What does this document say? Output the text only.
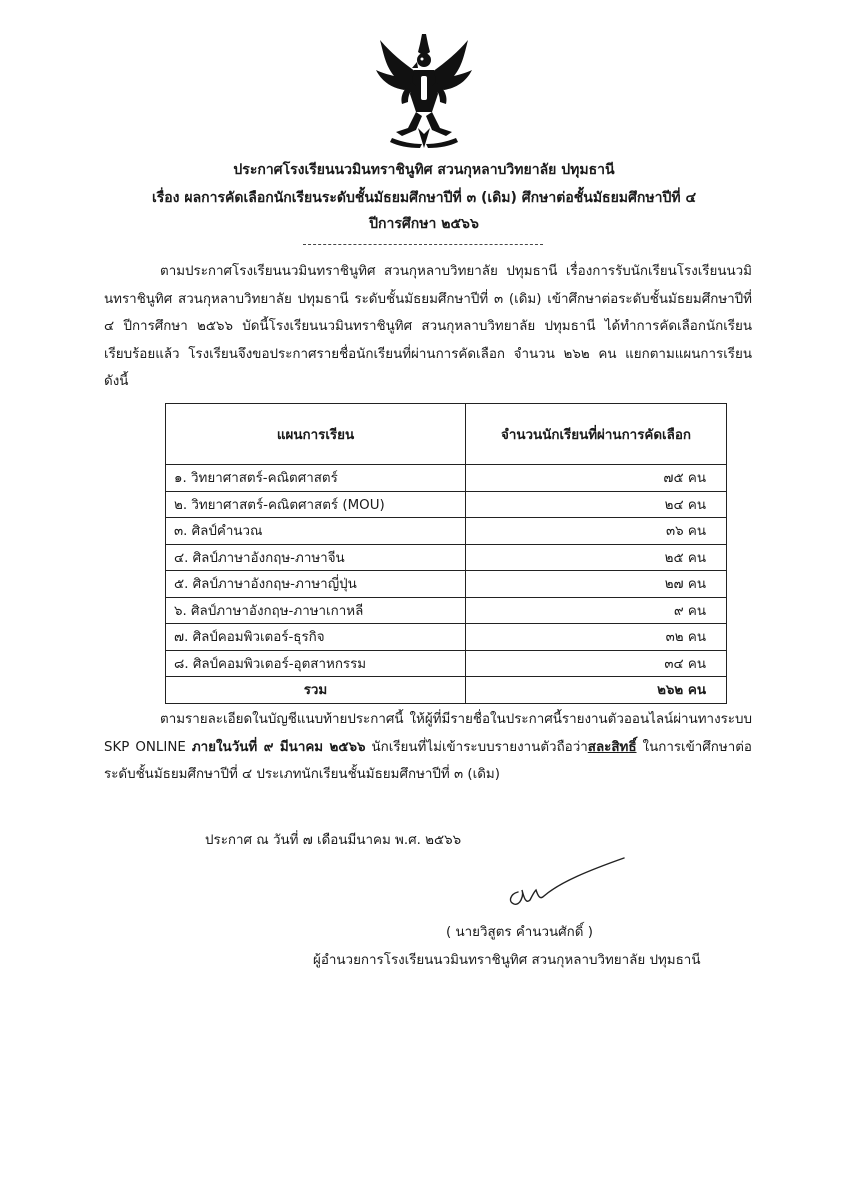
ประกาศโรงเรียนนวมินทราชินูทิศ สวนกุหลาบวิทยาลัย ปทุมธานี
เรื่อง ผลการคัดเลือกนักเรียนระดับชั้นมัธยมศึกษาปีที่ ๓ (เดิม) ศึกษาต่อชั้นมัธยมศึกษาปีที่ ๔
ปีการศึกษา ๒๕๖๖
ตามประกาศโรงเรียนนวมินทราชินูทิศ สวนกุหลาบวิทยาลัย ปทุมธานี เรื่องการรับนักเรียนโรงเรียนนวมินทราชินูทิศ สวนกุหลาบวิทยาลัย ปทุมธานี ระดับชั้นมัธยมศึกษาปีที่ ๓ (เดิม) เข้าศึกษาต่อระดับชั้นมัธยมศึกษาปีที่ ๔ ปีการศึกษา ๒๕๖๖ บัดนี้โรงเรียนนวมินทราชินูทิศ สวนกุหลาบวิทยาลัย ปทุมธานี ได้ทำการคัดเลือกนักเรียนเรียบร้อยแล้ว โรงเรียนจึงขอประกาศรายชื่อนักเรียนที่ผ่านการคัดเลือก จำนวน ๒๖๒ คน แยกตามแผนการเรียน ดังนี้
แผนการเรียน	จำนวนนักเรียนที่ผ่านการคัดเลือก
๑. วิทยาศาสตร์-คณิตศาสตร์	๗๕ คน
๒. วิทยาศาสตร์-คณิตศาสตร์ (MOU)	๒๔ คน
๓. ศิลป์คำนวณ	๓๖ คน
๔. ศิลป์ภาษาอังกฤษ-ภาษาจีน	๒๕ คน
๕. ศิลป์ภาษาอังกฤษ-ภาษาญี่ปุ่น	๒๗ คน
๖. ศิลป์ภาษาอังกฤษ-ภาษาเกาหลี	๙ คน
๗. ศิลป์คอมพิวเตอร์-ธุรกิจ	๓๒ คน
๘. ศิลป์คอมพิวเตอร์-อุตสาหกรรม	๓๔ คน
รวม	๒๖๒ คน
ตามรายละเอียดในบัญชีแนบท้ายประกาศนี้ ให้ผู้ที่มีรายชื่อในประกาศนี้รายงานตัวออนไลน์ผ่านทางระบบ SKP ONLINE ภายในวันที่ ๙ มีนาคม ๒๕๖๖ นักเรียนที่ไม่เข้าระบบรายงานตัวถือว่าสละสิทธิ์ ในการเข้าศึกษาต่อระดับชั้นมัธยมศึกษาปีที่ ๔ ประเภทนักเรียนชั้นมัธยมศึกษาปีที่ ๓ (เดิม)
ประกาศ ณ วันที่ ๗ เดือนมีนาคม พ.ศ. ๒๕๖๖
( นายวิสูตร คำนวนศักดิ์ )
ผู้อำนวยการโรงเรียนนวมินทราชินูทิศ สวนกุหลาบวิทยาลัย ปทุมธานี
